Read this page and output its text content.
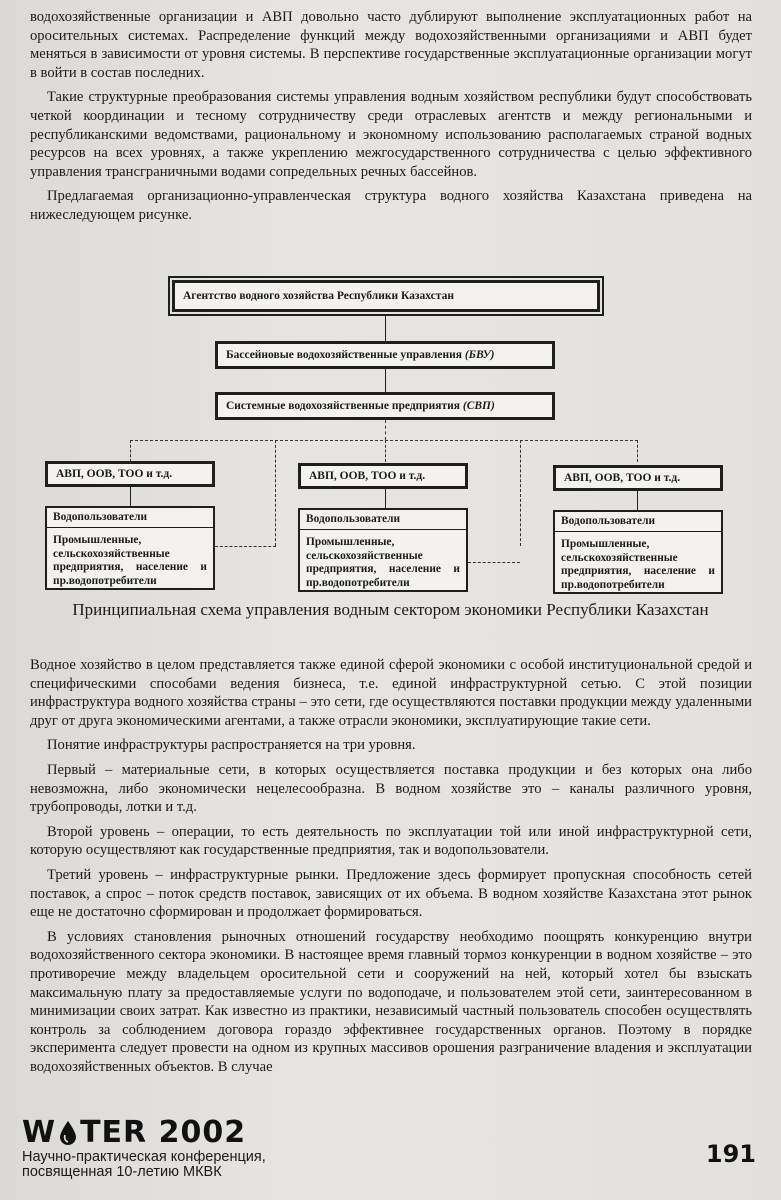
водохозяйственные организации и АВП довольно часто дублируют выполнение эксплуатационных работ на оросительных системах. Распределение функций между водохозяйственными организациями и АВП будет меняться в зависимости от уровня системы. В перспективе государственные эксплуатационные организации могут в войти в состав последних.

Такие структурные преобразования системы управления водным хозяйством республики будут способствовать четкой координации и тесному сотрудничеству среди отраслевых агентств и между региональными и республиканскими ведомствами, рациональному и экономному использованию располагаемых страной водных ресурсов на всех уровнях, а также укреплению межгосударственного сотрудничества с целью эффективного управления трансграничными водами сопредельных речных бассейнов.

Предлагаемая организационно-управленческая структура водного хозяйства Казахстана приведена на нижеследующем рисунке.

Агентство водного хозяйства Республики Казахстан
Бассейновые водохозяйственные управления (БВУ)
Системные водохозяйственные предприятия (СВП)
АВП, ООВ, ТОО и т.д.	АВП, ООВ, ТОО и т.д.	АВП, ООВ, ТОО и т.д.
Водопользователи
Промышленные, сельскохозяйственные предприятия, население и пр.водопотребители
Водопользователи
Промышленные, сельскохозяйственные предприятия, население и пр.водопотребители
Водопользователи
Промышленные, сельскохозяйственные предприятия, население и пр.водопотребители
Принципиальная схема управления водным сектором экономики Республики Казахстан

Водное хозяйство в целом представляется также единой сферой экономики с особой институциональной средой и специфическими способами ведения бизнеса, т.е. единой инфраструктурной сетью. С этой позиции инфраструктура водного хозяйства страны – это сети, где осуществляются поставки продукции между удаленными друг от друга экономическими агентами, а также отрасли экономики, эксплуатирующие такие сети.

Понятие инфраструктуры распространяется на три уровня.

Первый – материальные сети, в которых осуществляется поставка продукции и без которых она либо невозможна, либо экономически нецелесообразна. В водном хозяйстве это – каналы различного уровня, трубопроводы, лотки и т.д.

Второй уровень – операции, то есть деятельность по эксплуатации той или иной инфраструктурной сети, которую осуществляют как государственные предприятия, так и водопользователи.

Третий уровень – инфраструктурные рынки. Предложение здесь формирует пропускная способность сетей поставок, а спрос – поток средств поставок, зависящих от их объема. В водном хозяйстве Казахстана этот рынок еще не достаточно сформирован и продолжает формироваться.

В условиях становления рыночных отношений государству необходимо поощрять конкуренцию внутри водохозяйственного сектора экономики. В настоящее время главный тормоз конкуренции в водном хозяйстве – это противоречие между владельцем оросительной сети и сооружений на ней, который хотел бы взыскать максимальную плату за предоставляемые услуги по водоподаче, и пользователем этой сети, заинтересованном в минимизации своих затрат. Как известно из практики, независимый частный пользователь способен осуществлять контроль за соблюдением договора гораздо эффективнее государственных органов. Поэтому в порядке эксперимента следует провести на одном из крупных массивов орошения разграничение владения и эксплуатации водохозяйственных объектов. В случае

W TER 2002
Научно-практическая конференция,
посвященная 10-летию МКВК
191
